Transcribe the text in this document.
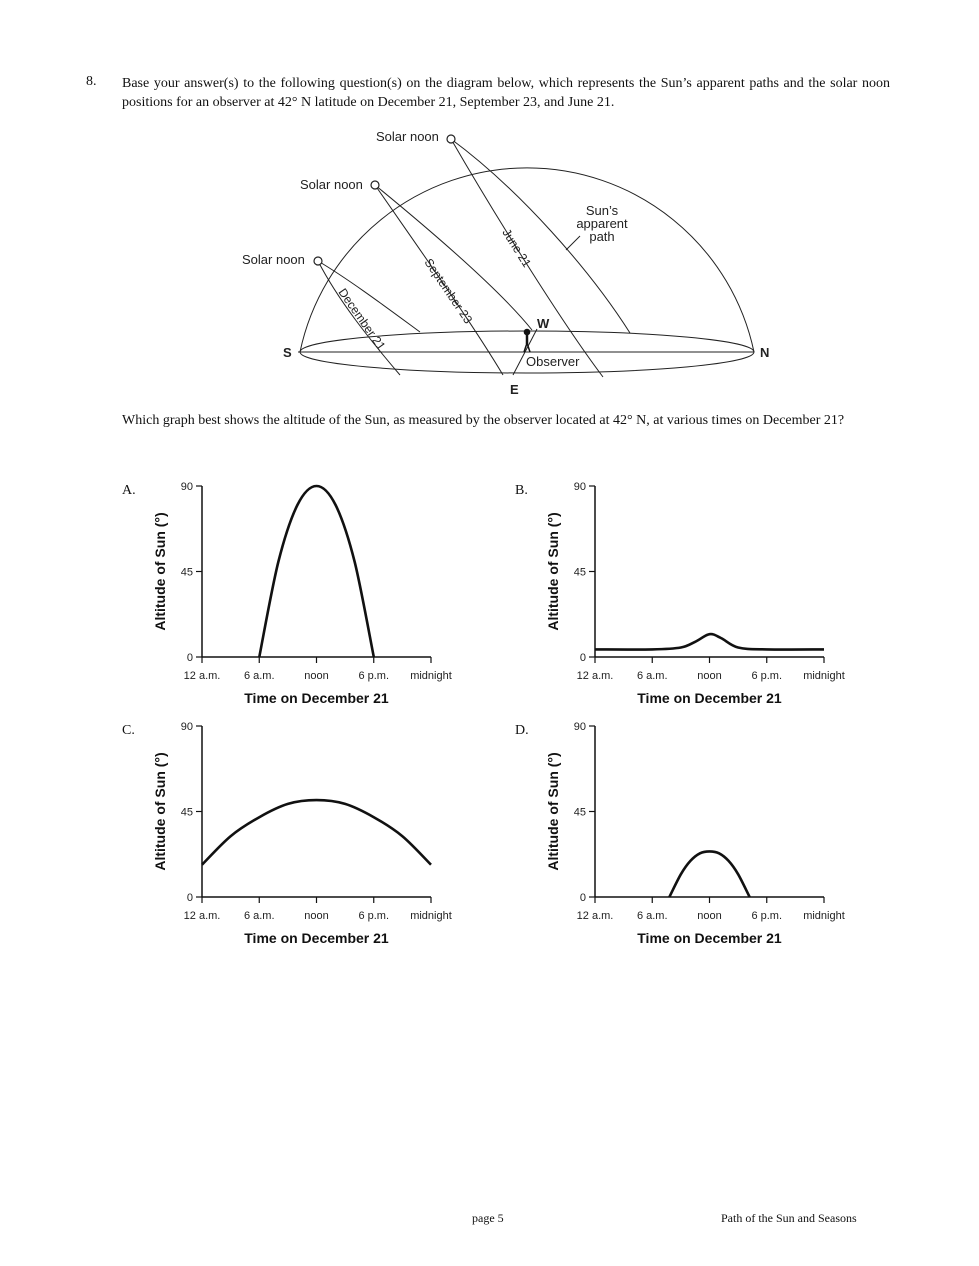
8. Base your answer(s) to the following question(s) on the diagram below, which represents the Sun’s apparent paths and the solar noon positions for an observer at 42° N latitude on December 21, September 23, and June 21.
Solar noon
Solar noon
Solar noon
Sun’s
apparent
path
June 21
September 23
December 21
Observer
S	N
W
E
Which graph best shows the altitude of the Sun, as measured by the observer located at 42° N, at various times on December 21?
A.	B.
C.	D.
90
45
0
12 a.m. 6 a.m.	noon	6 p.m. midnight
Time on December 21
Altitude of Sun (°)
90
45
0
12 a.m. 6 a.m.	noon	6 p.m. midnight
Time on December 21
Altitude of Sun (°)
90
45
0
12 a.m. 6 a.m.	noon	6 p.m. midnight
Time on December 21
Altitude of Sun (°)
90
45
0
12 a.m. 6 a.m.	noon	6 p.m. midnight
Time on December 21
Altitude of Sun (°)
page 5	Path of the Sun and Seasons
